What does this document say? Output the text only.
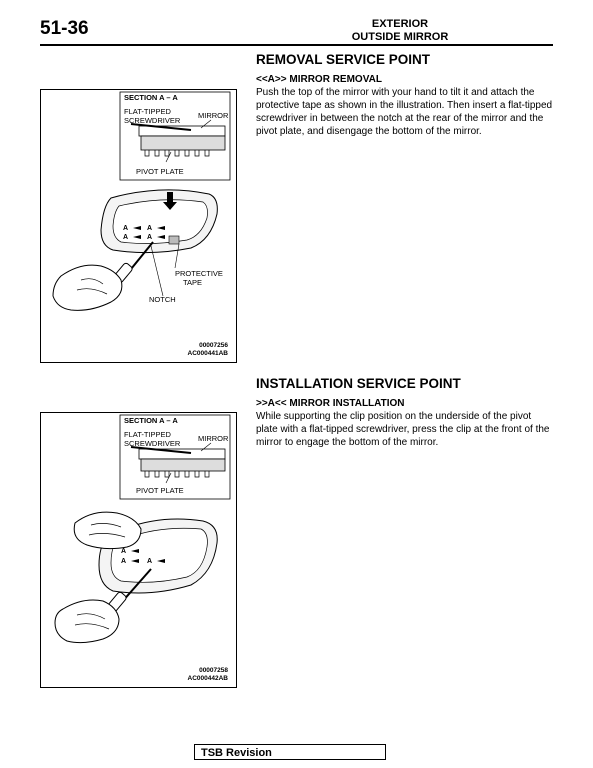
51-36	EXTERIOR
OUTSIDE MIRROR
SECTION A – A
FLAT-TIPPED
SCREWDRIVER
MIRROR
PIVOT PLATE
A
A
A
A
PROTECTIVE
TAPE
NOTCH
00007256
AC000441AB
REMOVAL SERVICE POINT
<<A>> MIRROR REMOVAL
Push the top of the mirror with your hand to tilt it and attach the protective tape as shown in the illustration. Then insert a flat-tipped screwdriver in between the notch at the rear of the mirror and the pivot plate, and disengage the bottom of the mirror.
INSTALLATION SERVICE POINT
>>A<< MIRROR INSTALLATION
While supporting the clip position on the underside of the pivot plate with a flat-tipped screwdriver, press the clip at the front of the mirror to engage the bottom of the mirror.
SECTION A – A
FLAT-TIPPED
SCREWDRIVER
MIRROR
PIVOT PLATE
A
A	A
00007258
AC000442AB
TSB Revision
